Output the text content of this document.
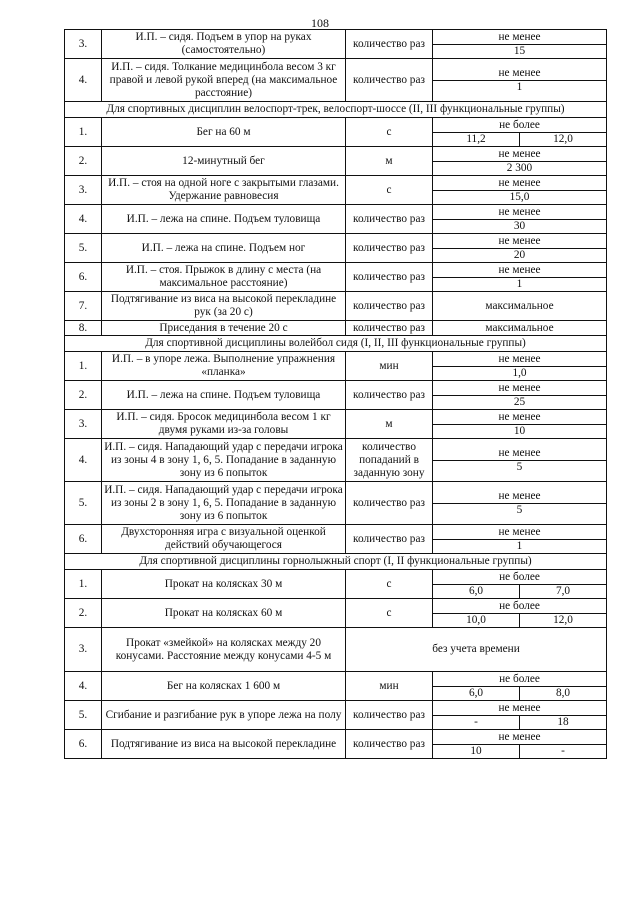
108
3.	И.П. – сидя. Подъем в упор на руках (самостоятельно)	количество раз	не менее
15

4.	И.П. – сидя. Толкание медицинбола весом 3 кг правой и левой рукой вперед (на максимальное расстояние)	количество раз	не менее
1

Для спортивных дисциплин велоспорт-трек, велоспорт-шоссе (II, III функциональные группы)			
1.	Бег на 60 м	с	не более
11,2 12,0

2.	12-минутный бег	м	не менее
2 300

3.	И.П. – стоя на одной ноге с закрытыми глазами. Удержание равновесия	с	не менее
15,0

4.	И.П. – лежа на спине. Подъем туловища	количество раз	не менее
30

5.	И.П. – лежа на спине. Подъем ног	количество раз	не менее
20

6.	И.П. – стоя. Прыжок в длину с места (на максимальное расстояние)	количество раз	не менее
1

7.	Подтягивание из виса на высокой перекладине рук (за 20 с)	количество раз	максимальное
8.	Приседания в течение 20 с	количество раз	максимальное
Для спортивной дисциплины волейбол сидя (I, II, III функциональные группы)			
1.	И.П. – в упоре лежа. Выполнение упражнения «планка»	мин	не менее
1,0

2.	И.П. – лежа на спине. Подъем туловища	количество раз	не менее
25

3.	И.П. – сидя. Бросок медицинбола весом 1 кг двумя руками из-за головы	м	не менее
10

4.	И.П. – сидя. Нападающий удар с передачи игрока из зоны 4 в зону 1, 6, 5. Попадание в заданную зону из 6 попыток	количество попаданий в заданную зону	не менее
5

5.	И.П. – сидя. Нападающий удар с передачи игрока из зоны 2 в зону 1, 6, 5. Попадание в заданную зону из 6 попыток	количество раз	не менее
5

6.	Двухсторонняя игра с визуальной оценкой действий обучающегося	количество раз	не менее
1

Для спортивной дисциплины горнолыжный спорт (I, II функциональные группы)			
1.	Прокат на колясках 30 м	с	не более
6,0 7,0

2.	Прокат на колясках 60 м	с	не более
10,0 12,0

3.	Прокат «змейкой» на колясках между 20 конусами. Расстояние между конусами 4-5 м	без учета времени	
4.	Бег на колясках 1 600 м	мин	не более
6,0 8,0

5.	Сгибание и разгибание рук в упоре лежа на полу	количество раз	не менее
- 18

6.	Подтягивание из виса на высокой перекладине	количество раз	не менее
10 -
